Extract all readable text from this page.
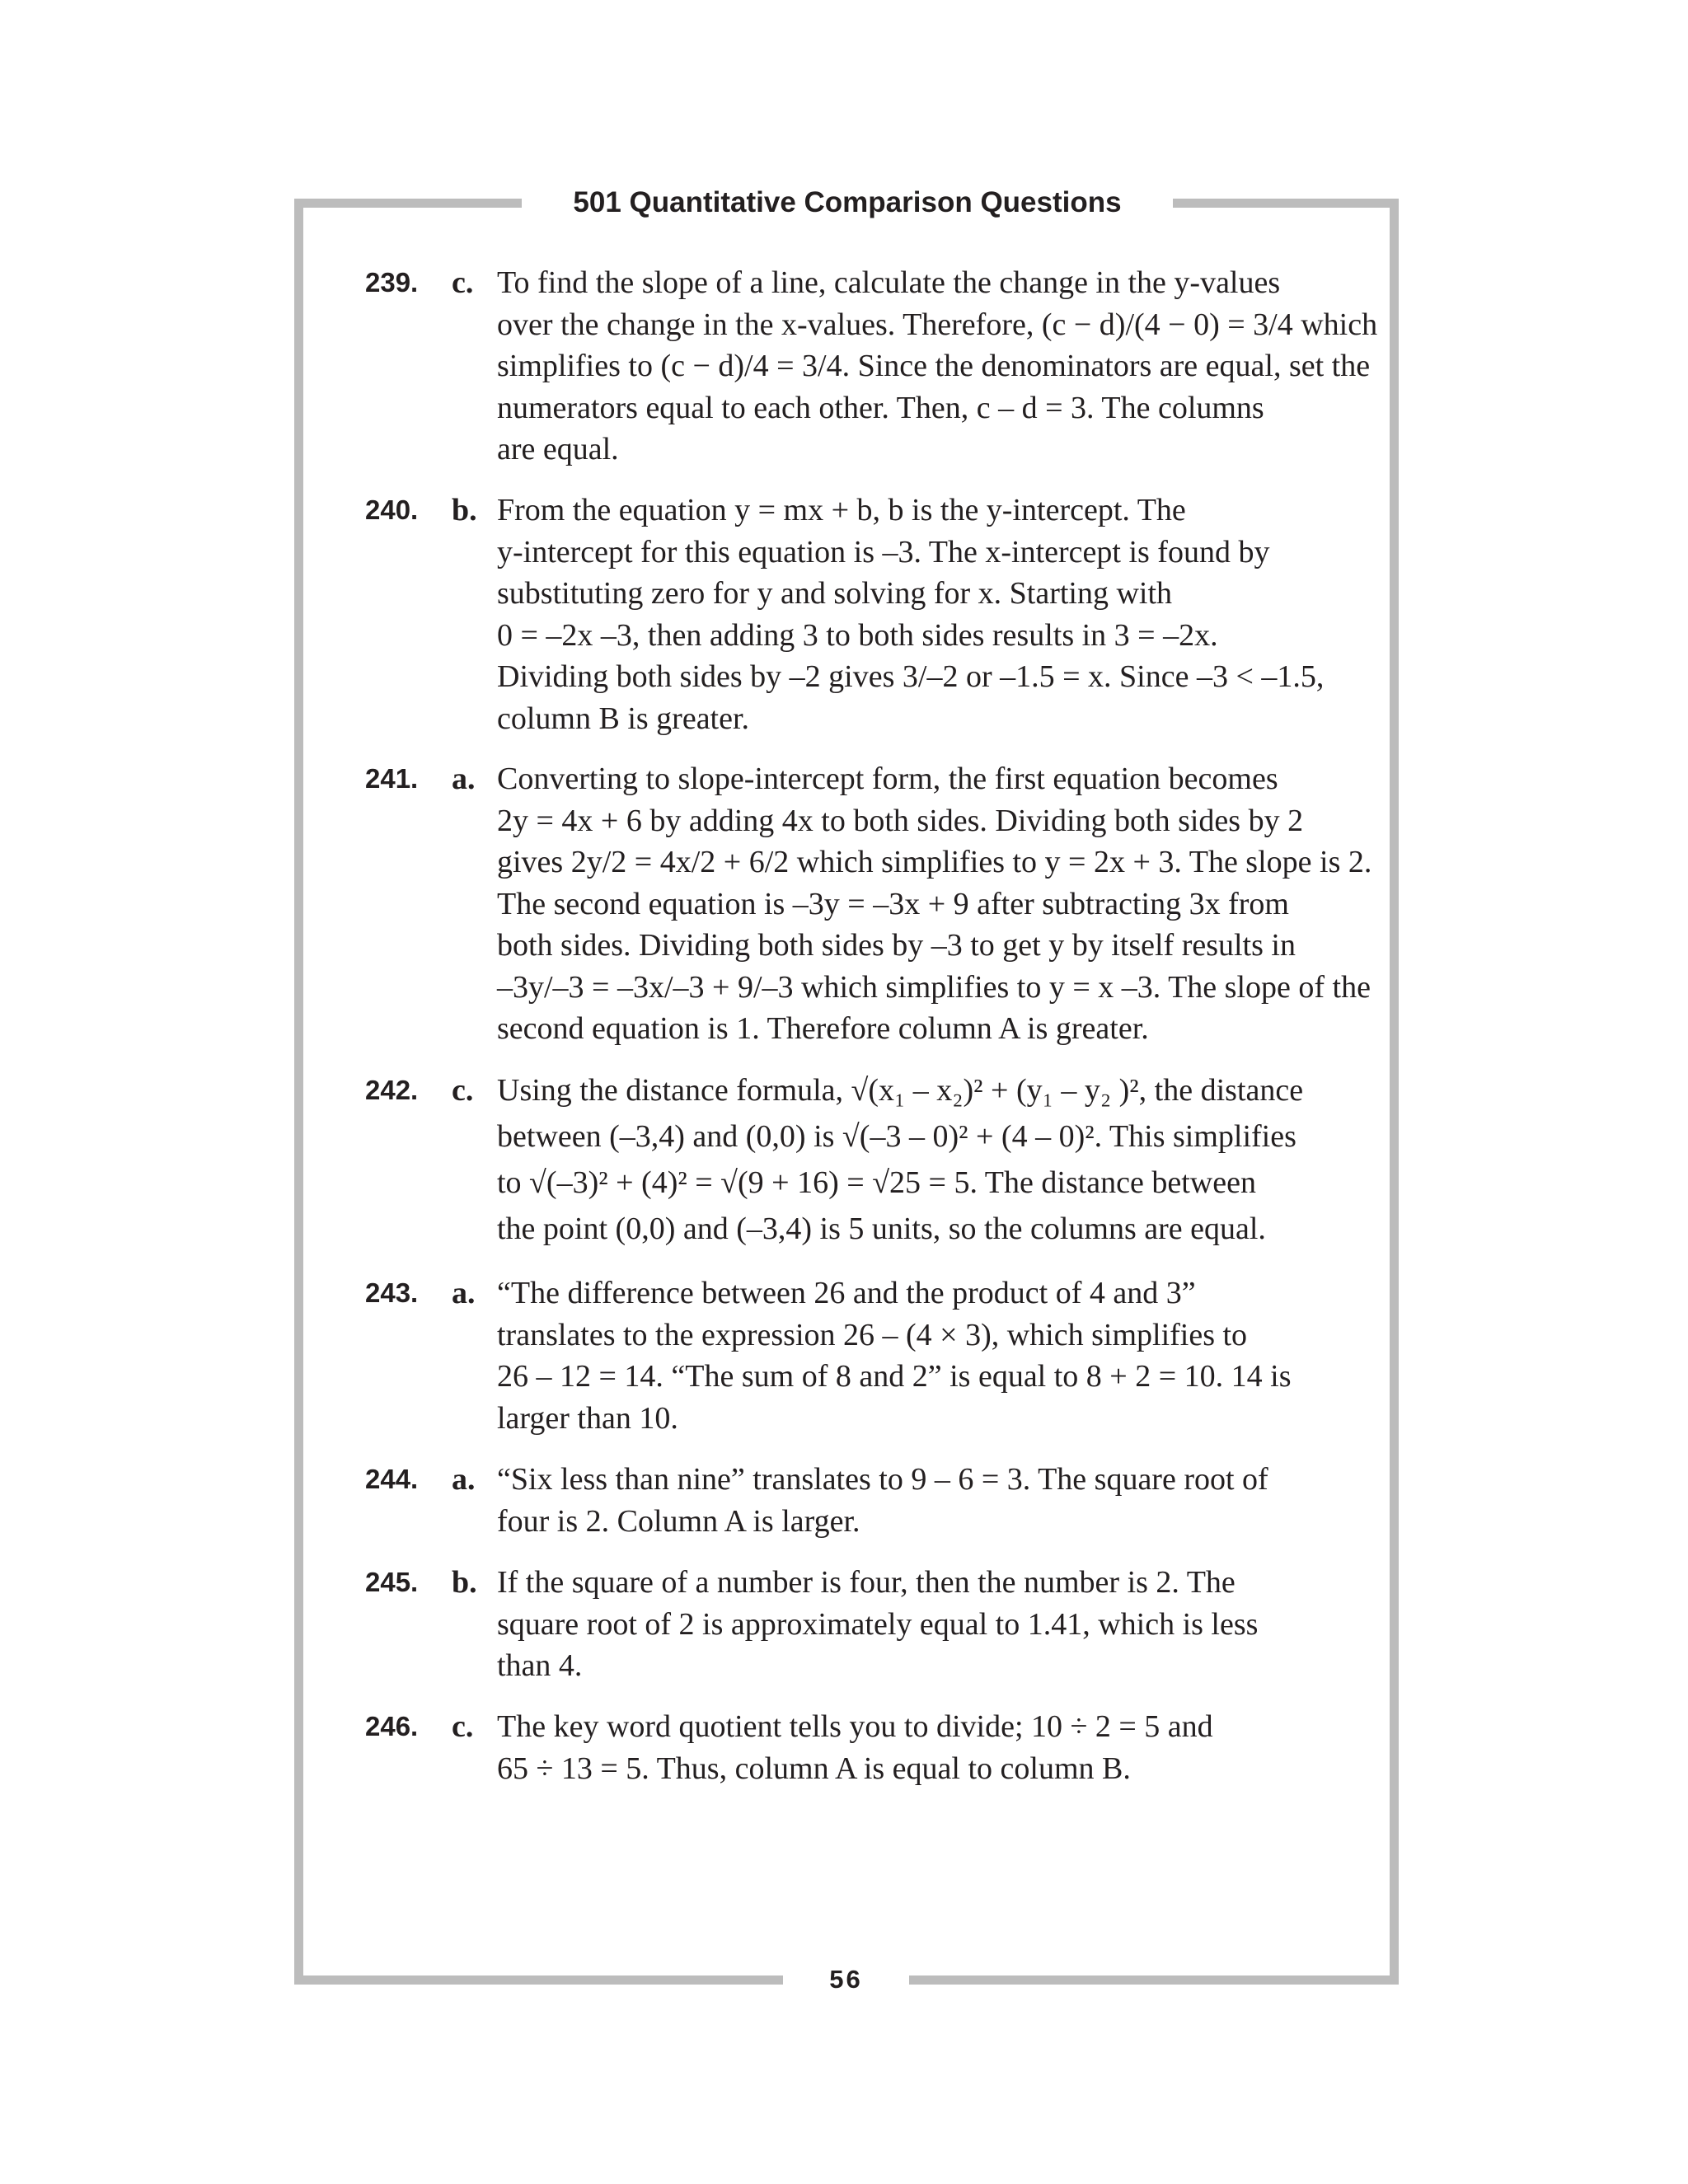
501 Quantitative Comparison Questions
239. c. To find the slope of a line, calculate the change in the y-values
over the change in the x-values. Therefore, (c − d)/(4 − 0) = 3/4 which
simplifies to (c − d)/4 = 3/4. Since the denominators are equal, set the
numerators equal to each other. Then, c – d = 3. The columns
are equal.
240. b. From the equation y = mx + b, b is the y-intercept. The
y-intercept for this equation is –3. The x-intercept is found by
substituting zero for y and solving for x. Starting with
0 = –2x –3, then adding 3 to both sides results in 3 = –2x.
Dividing both sides by –2 gives 3/–2 or –1.5 = x. Since –3 < –1.5,
column B is greater.
241. a. Converting to slope-intercept form, the first equation becomes
2y = 4x + 6 by adding 4x to both sides. Dividing both sides by 2
gives 2y/2 = 4x/2 + 6/2 which simplifies to y = 2x + 3. The slope is 2.
The second equation is –3y = –3x + 9 after subtracting 3x from
both sides. Dividing both sides by –3 to get y by itself results in
–3y/–3 = –3x/–3 + 9/–3 which simplifies to y = x –3. The slope of the
second equation is 1. Therefore column A is greater.
242. c. Using the distance formula, √(x₁ – x₂)² + (y₁ – y₂ )², the distance
between (–3,4) and (0,0) is √(–3 – 0)² + (4 – 0)². This simplifies
to √(–3)² + (4)² = √(9 + 16) = √25 = 5. The distance between
the point (0,0) and (–3,4) is 5 units, so the columns are equal.
243. a. “The difference between 26 and the product of 4 and 3”
translates to the expression 26 – (4 × 3), which simplifies to
26 – 12 = 14. “The sum of 8 and 2” is equal to 8 + 2 = 10. 14 is
larger than 10.
244. a. “Six less than nine” translates to 9 – 6 = 3. The square root of
four is 2. Column A is larger.
245. b. If the square of a number is four, then the number is 2. The
square root of 2 is approximately equal to 1.41, which is less
than 4.
246. c. The key word quotient tells you to divide; 10 ÷ 2 = 5 and
65 ÷ 13 = 5. Thus, column A is equal to column B.
56
